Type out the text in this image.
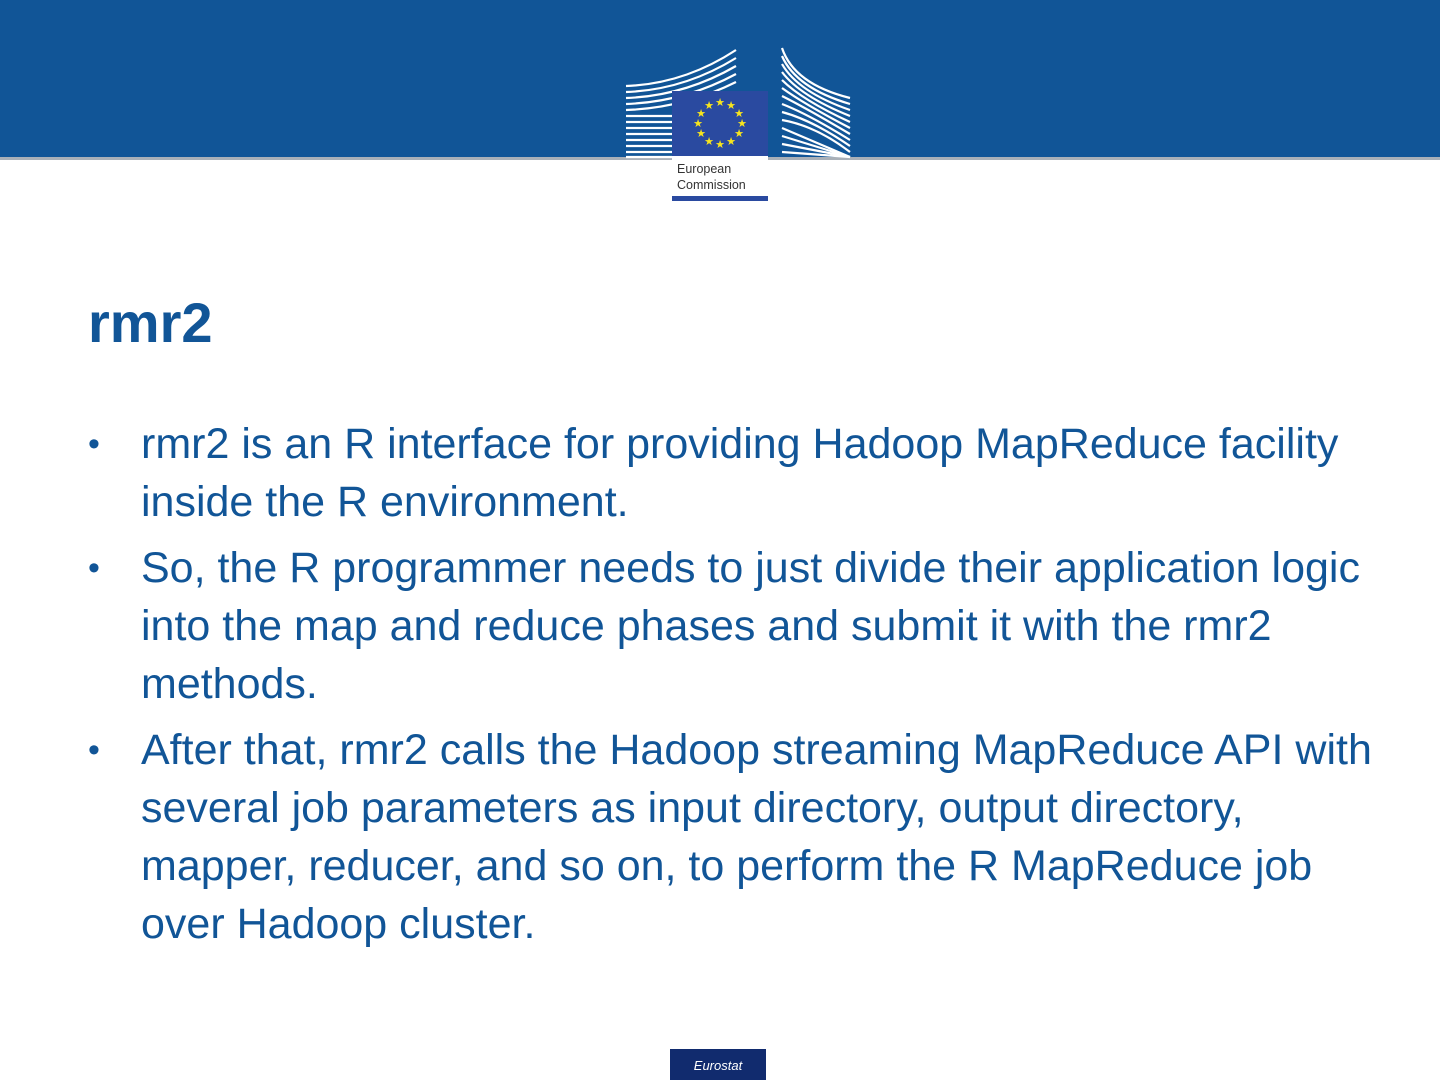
★ ★
★
★
★
★
★
★
★
★
★
★
European
Commission
rmr2
• rmr2 is an R interface for providing Hadoop MapReduce facility inside the R environment.
• So, the R programmer needs to just divide their application logic into the map and reduce phases and submit it with the rmr2 methods.
• After that, rmr2 calls the Hadoop streaming MapReduce API with several job parameters as input directory, output directory, mapper, reducer, and so on, to perform the R MapReduce job over Hadoop cluster.
Eurostat
